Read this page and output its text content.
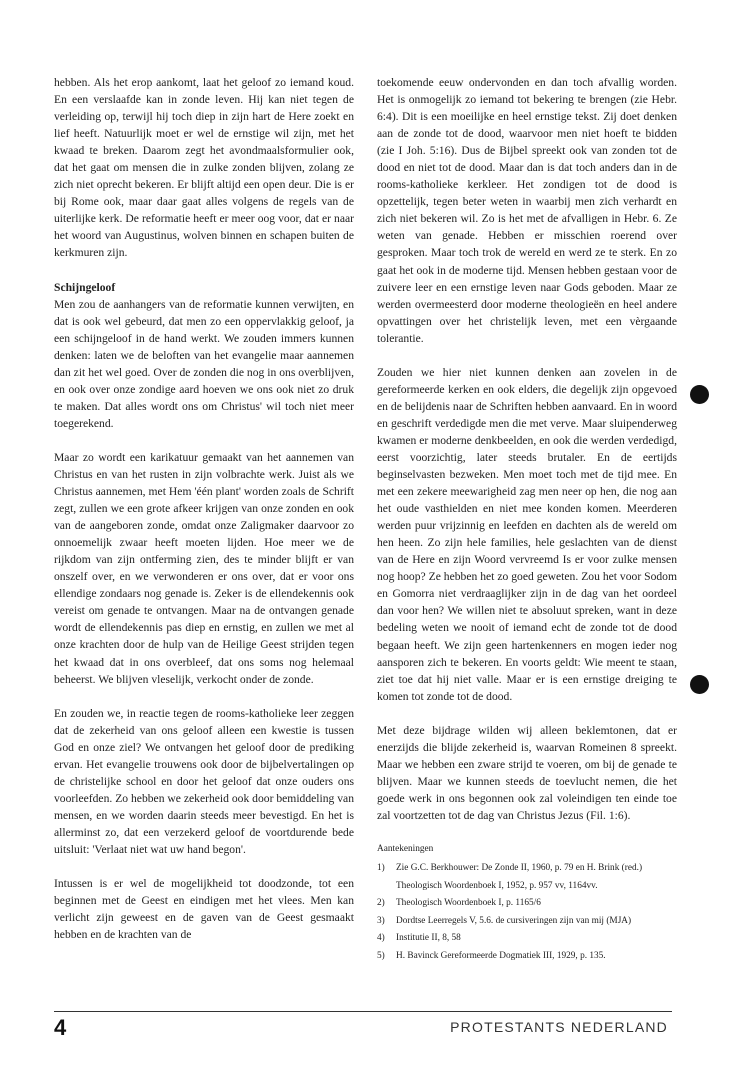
hebben. Als het erop aankomt, laat het geloof zo iemand koud. En een verslaafde kan in zonde leven. Hij kan niet tegen de verleiding op, terwijl hij toch diep in zijn hart de Here zoekt en lief heeft. Natuurlijk moet er wel de ernstige wil zijn, met het kwaad te breken. Daarom zegt het avondmaalsformulier ook, dat het gaat om mensen die in zulke zonden blijven, zolang ze zich niet oprecht bekeren. Er blijft altijd een open deur. Die is er bij Rome ook, maar daar gaat alles volgens de regels van de uiterlijke kerk. De reformatie heeft er meer oog voor, dat er naar het woord van Augustinus, wolven binnen en schapen buiten de kerkmuren zijn.

Schijngeloof

Men zou de aanhangers van de reformatie kunnen verwijten, en dat is ook wel gebeurd, dat men zo een oppervlakkig geloof, ja een schijngeloof in de hand werkt. We zouden immers kunnen denken: laten we de beloften van het evangelie maar aannemen dan zit het wel goed. Over de zonden die nog in ons overblijven, en ook over onze zondige aard hoeven we ons ook niet zo druk te maken. Dat alles wordt ons om Christus' wil toch niet meer toegerekend.

Maar zo wordt een karikatuur gemaakt van het aannemen van Christus en van het rusten in zijn volbrachte werk. Juist als we Christus aannemen, met Hem 'één plant' worden zoals de Schrift zegt, zullen we een grote afkeer krijgen van onze zonden en ook van de aangeboren zonde, omdat onze Zaligmaker daarvoor zo onnoemelijk zwaar heeft moeten lijden. Hoe meer we de rijkdom van zijn ontferming zien, des te minder blijft er van onszelf over, en we verwonderen er ons over, dat er voor ons ellendige zondaars nog genade is. Zeker is de ellendekennis ook vereist om genade te ontvangen. Maar na de ontvangen genade wordt de ellendekennis pas diep en ernstig, en zullen we met al onze krachten door de hulp van de Heilige Geest strijden tegen het kwaad dat in ons overbleef, dat ons soms nog helemaal beheerst. We blijven vleselijk, verkocht onder de zonde.

En zouden we, in reactie tegen de rooms-katholieke leer zeggen dat de zekerheid van ons geloof alleen een kwestie is tussen God en onze ziel? We ontvangen het geloof door de prediking ervan. Het evangelie trouwens ook door de bijbelvertalingen op de christelijke school en door het geloof dat onze ouders ons voorleefden. Zo hebben we zekerheid ook door bemiddeling van mensen, en we worden daarin steeds meer bevestigd. En het is allerminst zo, dat een verzekerd geloof de voortdurende bede uitsluit: 'Verlaat niet wat uw hand begon'.

Intussen is er wel de mogelijkheid tot doodzonde, tot een beginnen met de Geest en eindigen met het vlees. Men kan verlicht zijn geweest en de gaven van de Geest gesmaakt hebben en de krachten van de

toekomende eeuw ondervonden en dan toch afvallig worden. Het is onmogelijk zo iemand tot bekering te brengen (zie Hebr. 6:4). Dit is een moeilijke en heel ernstige tekst. Zij doet denken aan de zonde tot de dood, waarvoor men niet hoeft te bidden (zie I Joh. 5:16). Dus de Bijbel spreekt ook van zonden tot de dood en niet tot de dood. Maar dan is dat toch anders dan in de rooms-katholieke kerkleer. Het zondigen tot de dood is opzettelijk, tegen beter weten in waarbij men zich verhardt en zich niet bekeren wil. Zo is het met de afvalligen in Hebr. 6. Ze weten van genade. Hebben er misschien roerend over gesproken. Maar toch trok de wereld en werd ze te sterk. En zo gaat het ook in de moderne tijd. Mensen hebben gestaan voor de zuivere leer en een ernstige leven naar Gods geboden. Maar ze werden overmeesterd door moderne theologieën en heel andere opvattingen over het christelijk leven, met een vèrgaande tolerantie.

Zouden we hier niet kunnen denken aan zovelen in de gereformeerde kerken en ook elders, die degelijk zijn opgevoed en de belijdenis naar de Schriften hebben aanvaard. En in woord en geschrift verdedigde men die met verve. Maar sluipenderweg kwamen er moderne denkbeelden, en ook die werden verdedigd, eerst voorzichtig, later steeds brutaler. En de eertijds beginselvasten bezweken. Men moet toch met de tijd mee. En met een zekere meewarigheid zag men neer op hen, die nog aan het oude vasthielden en niet mee konden komen. Meerderen werden puur vrijzinnig en leefden en dachten als de wereld om hen heen. Zo zijn hele families, hele geslachten van de dienst van de Here en zijn Woord vervreemd Is er voor zulke mensen nog hoop? Ze hebben het zo goed geweten. Zou het voor Sodom en Gomorra niet verdraaglijker zijn in de dag van het oordeel dan voor hen? We willen niet te absoluut spreken, want in deze bedeling weten we nooit of iemand echt de zonde tot de dood begaan heeft. We zijn geen hartenkenners en mogen ieder nog aansporen zich te bekeren. En voorts geldt: Wie meent te staan, ziet toe dat hij niet valle. Maar er is een ernstige dreiging te komen tot zonde tot de dood.

Met deze bijdrage wilden wij alleen beklemtonen, dat er enerzijds die blijde zekerheid is, waarvan Romeinen 8 spreekt. Maar we hebben een zware strijd te voeren, om bij de genade te blijven. Maar we kunnen steeds de toevlucht nemen, die het goede werk in ons begonnen ook zal voleindigen ten einde toe zal voortzetten tot de dag van Christus Jezus (Fil. 1:6).

Aantekeningen
1)	Zie G.C. Berkhouwer: De Zonde II, 1960, p. 79 en H. Brink (red.) Theologisch Woordenboek I, 1952, p. 957 vv, 1164vv.
2)	Theologisch Woordenboek I, p. 1165/6
3)	Dordtse Leerregels V, 5.6. de cursiveringen zijn van mij (MJA)
4)	Institutie II, 8, 58
5)	H. Bavinck Gereformeerde Dogmatiek III, 1929, p. 135.
4	PROTESTANTS NEDERLAND
